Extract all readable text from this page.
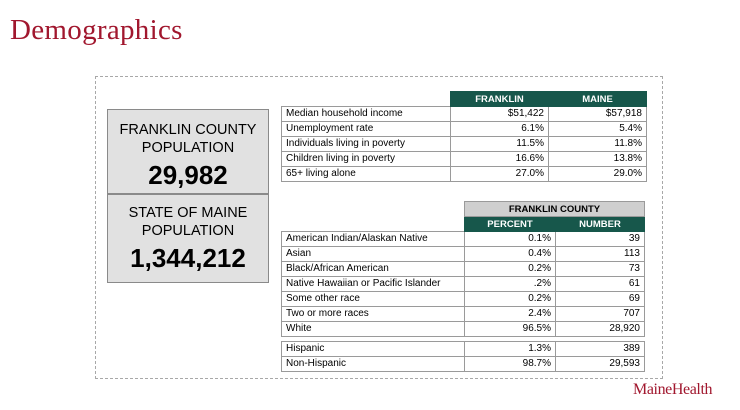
Demographics
FRANKLIN COUNTY
POPULATION
29,982
STATE OF MAINE
POPULATION
1,344,212
	FRANKLIN	MAINE
Median household income	$51,422	$57,918
Unemployment rate	6.1%	5.4%
Individuals living in poverty	11.5%	11.8%
Children living in poverty	16.6%	13.8%
65+ living alone	27.0%	29.0%
	FRANKLIN COUNTY	
	PERCENT	NUMBER
American Indian/Alaskan Native	0.1%	39
Asian	0.4%	113
Black/African American	0.2%	73
Native Hawaiian or Pacific Islander	.2%	61
Some other race	0.2%	69
Two or more races	2.4%	707
White	96.5%	28,920

Hispanic	1.3%	389
Non-Hispanic	98.7%	29,593
MaineHealth
